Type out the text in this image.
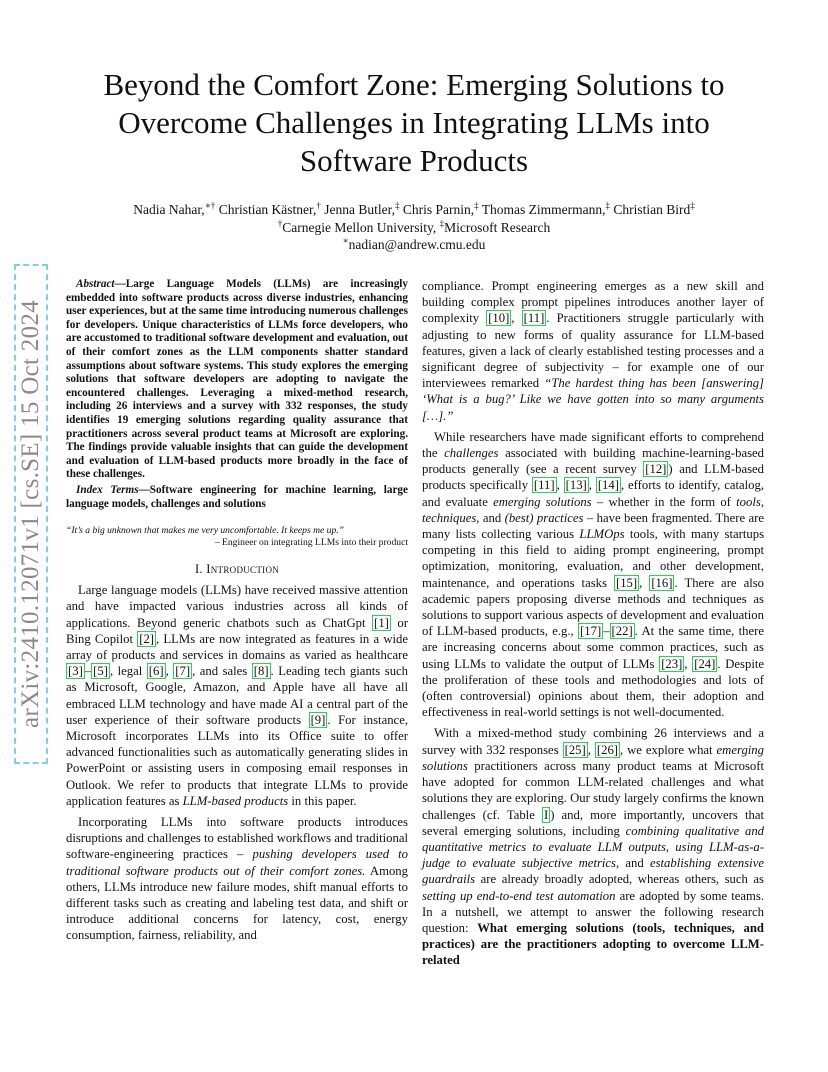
arXiv:2410.12071v1 [cs.SE] 15 Oct 2024
Beyond the Comfort Zone: Emerging Solutions to
Overcome Challenges in Integrating LLMs into
Software Products
Nadia Nahar,∗† Christian Kästner,† Jenna Butler,‡ Chris Parnin,‡ Thomas Zimmermann,‡ Christian Bird‡
†Carnegie Mellon University, ‡Microsoft Research
∗nadian@andrew.cmu.edu

Abstract—Large Language Models (LLMs) are increasingly embedded into software products across diverse industries, enhancing user experiences, but at the same time introducing numerous challenges for developers. Unique characteristics of LLMs force developers, who are accustomed to traditional software development and evaluation, out of their comfort zones as the LLM components shatter standard assumptions about software systems. This study explores the emerging solutions that software developers are adopting to navigate the encountered challenges. Leveraging a mixed-method research, including 26 interviews and a survey with 332 responses, the study identifies 19 emerging solutions regarding quality assurance that practitioners across several product teams at Microsoft are exploring. The findings provide valuable insights that can guide the development and evaluation of LLM-based products more broadly in the face of these challenges.

Index Terms—Software engineering for machine learning, large language models, challenges and solutions

“It’s a big unknown that makes me very uncomfortable. It keeps me up.”

– Engineer on integrating LLMs into their product

I. Introduction

Large language models (LLMs) have received massive attention and have impacted various industries across all kinds of applications. Beyond generic chatbots such as ChatGpt [1] or Bing Copilot [2] , LLMs are now integrated as features in a wide array of products and services in domains as varied as healthcare [3] – [5] , legal [6] , [7] , and sales [8] . Leading tech giants such as Microsoft, Google, Amazon, and Apple have all have all embraced LLM technology and have made AI a central part of the user experience of their software products [9] . For instance, Microsoft incorporates LLMs into its Office suite to offer advanced functionalities such as automatically generating slides in PowerPoint or assisting users in composing email responses in Outlook. We refer to products that integrate LLMs to provide application features as LLM-based products in this paper.

Incorporating LLMs into software products introduces disruptions and challenges to established workflows and traditional software-engineering practices – pushing developers used to traditional software products out of their comfort zones. Among others, LLMs introduce new failure modes, shift manual efforts to different tasks such as creating and labeling test data, and shift or introduce additional concerns for latency, cost, energy consumption, fairness, reliability, and

compliance. Prompt engineering emerges as a new skill and building complex prompt pipelines introduces another layer of complexity [10] , [11] . Practitioners struggle particularly with adjusting to new forms of quality assurance for LLM-based features, given a lack of clearly established testing processes and a significant degree of subjectivity – for example one of our interviewees remarked “The hardest thing has been [answering] ‘What is a bug?’ Like we have gotten into so many arguments […].”

While researchers have made significant efforts to comprehend the challenges associated with building machine-learning-based products generally (see a recent survey [12] ) and LLM-based products specifically [11] , [13] , [14] , efforts to identify, catalog, and evaluate emerging solutions – whether in the form of tools, techniques, and (best) practices – have been fragmented. There are many lists collecting various LLMOps tools, with many startups competing in this field to aiding prompt engineering, prompt optimization, monitoring, evaluation, and other development, maintenance, and operations tasks [15] , [16] . There are also academic papers proposing diverse methods and techniques as solutions to support various aspects of development and evaluation of LLM-based products, e.g., [17] – [22] . At the same time, there are increasing concerns about some common practices, such as using LLMs to validate the output of LLMs [23] , [24] . Despite the proliferation of these tools and methodologies and lots of (often controversial) opinions about them, their adoption and effectiveness in real-world settings is not well-documented.

With a mixed-method study combining 26 interviews and a survey with 332 responses [25] , [26] , we explore what emerging solutions practitioners across many product teams at Microsoft have adopted for common LLM-related challenges and what solutions they are exploring. Our study largely confirms the known challenges (cf. Table I ) and, more importantly, uncovers that several emerging solutions, including combining qualitative and quantitative metrics to evaluate LLM outputs, using LLM-as-a-judge to evaluate subjective metrics, and establishing extensive guardrails are already broadly adopted, whereas others, such as setting up end-to-end test automation are adopted by some teams. In a nutshell, we attempt to answer the following research question: What emerging solutions (tools, techniques, and practices) are the practitioners adopting to overcome LLM-related
